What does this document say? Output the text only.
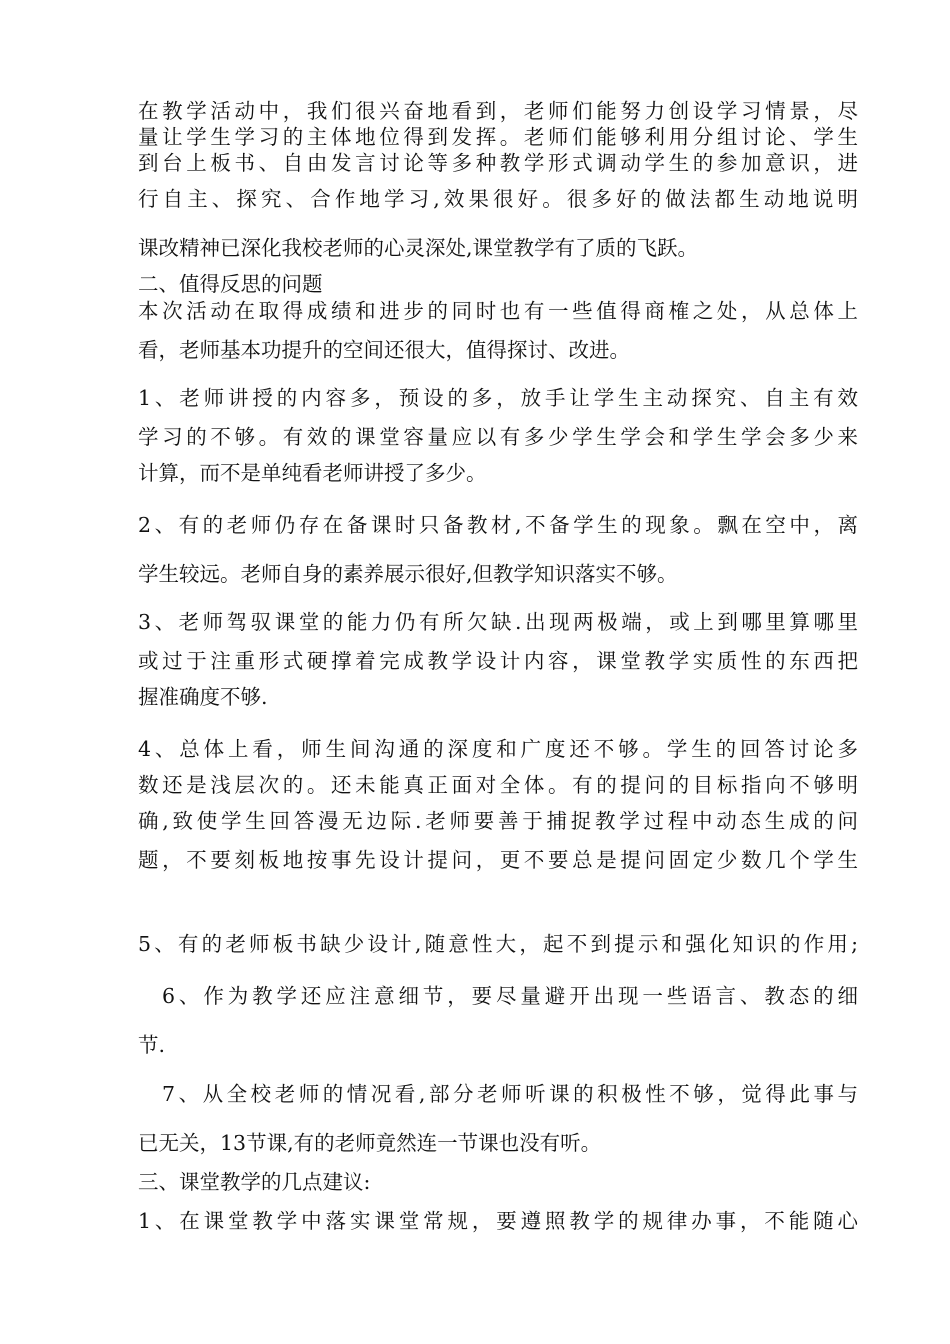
在教学活动中，我们很兴奋地看到，老师们能努力创设学习情景，尽
量让学生学习的主体地位得到发挥。老师们能够利用分组讨论、学生
到台上板书、自由发言讨论等多种教学形式调动学生的参加意识，进
行自主、探究、合作地学习,效果很好。很多好的做法都生动地说明
课改精神已深化我校老师的心灵深处,课堂教学有了质的飞跃。
二、值得反思的问题
本次活动在取得成绩和进步的同时也有一些值得商榷之处，从总体上
看，老师基本功提升的空间还很大，值得探讨、改进。
1、老师讲授的内容多，预设的多，放手让学生主动探究、自主有效
学习的不够。有效的课堂容量应以有多少学生学会和学生学会多少来
计算，而不是单纯看老师讲授了多少。
2、有的老师仍存在备课时只备教材,不备学生的现象。飘在空中，离
学生较远。老师自身的素养展示很好,但教学知识落实不够。
3、老师驾驭课堂的能力仍有所欠缺.出现两极端，或上到哪里算哪里
或过于注重形式硬撑着完成教学设计内容，课堂教学实质性的东西把
握准确度不够.
4、总体上看，师生间沟通的深度和广度还不够。学生的回答讨论多
数还是浅层次的。还未能真正面对全体。有的提问的目标指向不够明
确,致使学生回答漫无边际.老师要善于捕捉教学过程中动态生成的问
题，不要刻板地按事先设计提问，更不要总是提问固定少数几个学生
5、有的老师板书缺少设计,随意性大，起不到提示和强化知识的作用;
6、作为教学还应注意细节，要尽量避开出现一些语言、教态的细
节.
7、从全校老师的情况看,部分老师听课的积极性不够，觉得此事与
已无关，13节课,有的老师竟然连一节课也没有听。
三、课堂教学的几点建议:
1、在课堂教学中落实课堂常规，要遵照教学的规律办事，不能随心
